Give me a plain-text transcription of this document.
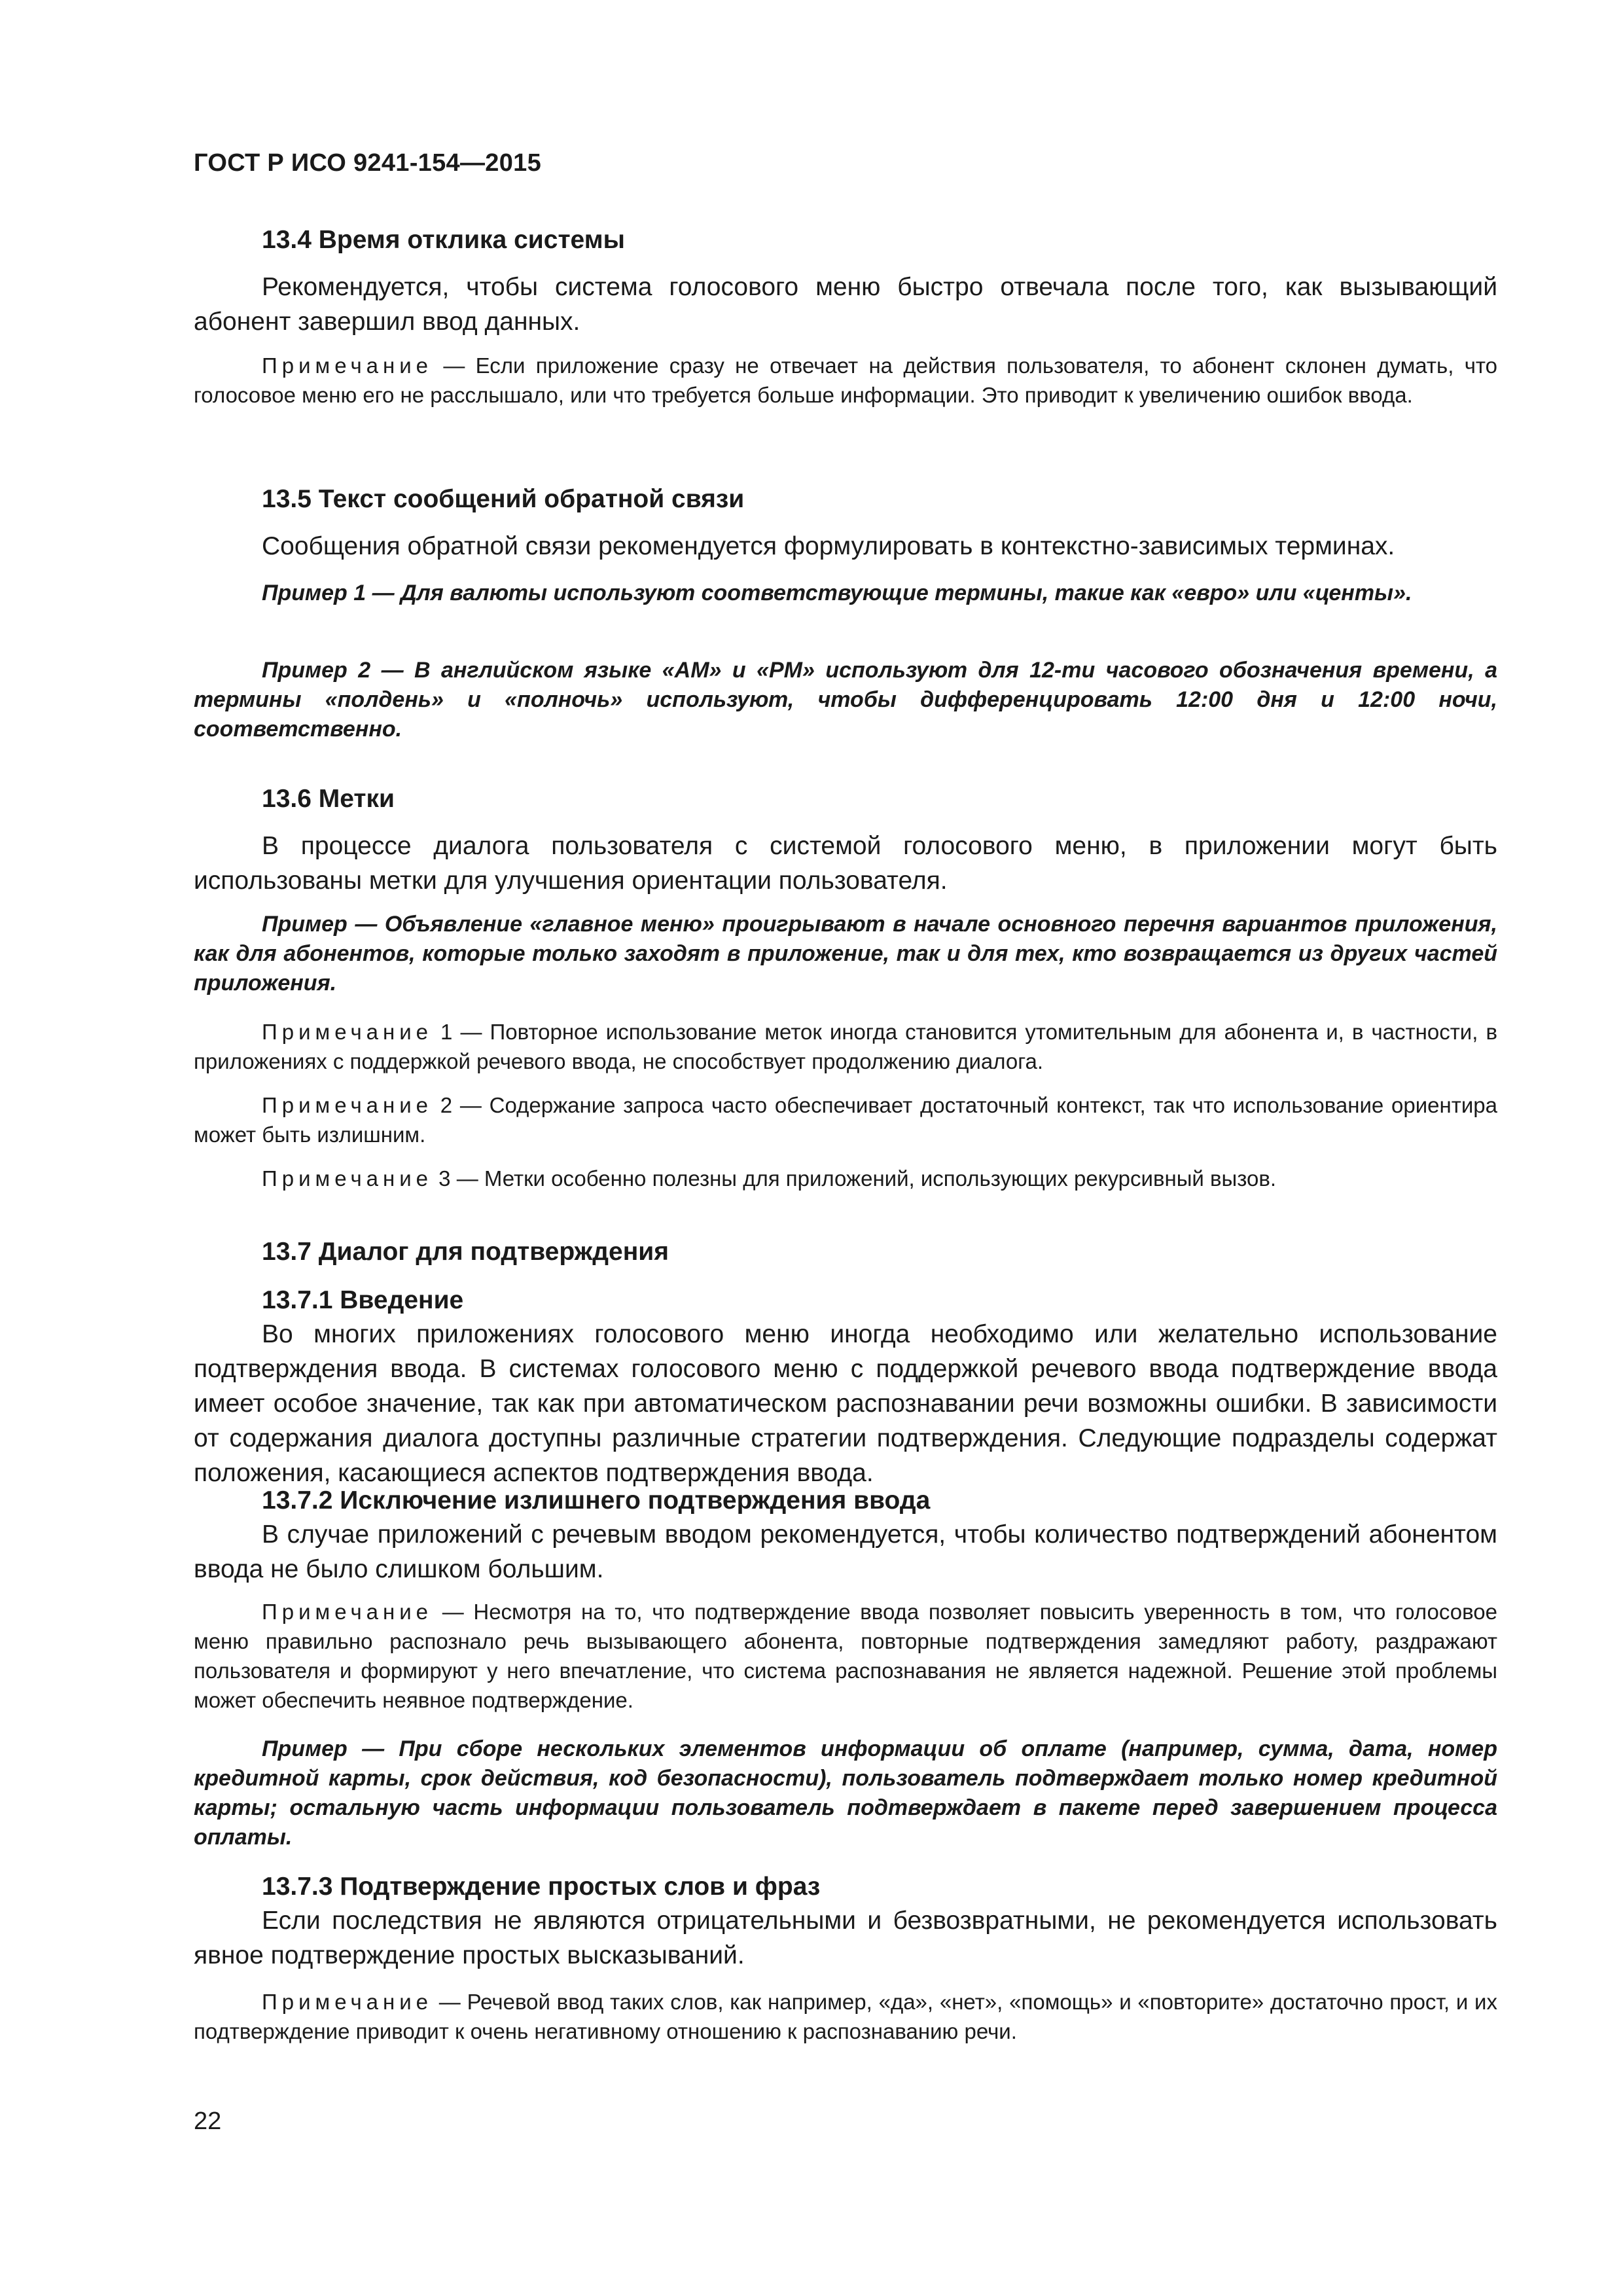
ГОСТ Р ИСО 9241-154—2015

13.4 Время отклика системы

Рекомендуется, чтобы система голосового меню быстро отвечала после того, как вызывающий абонент завершил ввод данных.

Примечание — Если приложение сразу не отвечает на действия пользователя, то абонент склонен думать, что голосовое меню его не расслышало, или что требуется больше информации. Это приводит к увеличению ошибок ввода.

13.5 Текст сообщений обратной связи

Сообщения обратной связи рекомендуется формулировать в контекстно-зависимых терминах.

Пример 1 — Для валюты используют соответствующие термины, такие как «евро» или «центы».

Пример 2 — В английском языке «AM» и «PM» используют для 12-ти часового обозначения времени, а термины «полдень» и «полночь» используют, чтобы дифференцировать 12:00 дня и 12:00 ночи, соответственно.

13.6 Метки

В процессе диалога пользователя с системой голосового меню, в приложении могут быть использованы метки для улучшения ориентации пользователя.

Пример — Объявление «главное меню» проигрывают в начале основного перечня вариантов приложения, как для абонентов, которые только заходят в приложение, так и для тех, кто возвращается из других частей приложения.

Примечание 1 — Повторное использование меток иногда становится утомительным для абонента и, в частности, в приложениях с поддержкой речевого ввода, не способствует продолжению диалога.

Примечание 2 — Содержание запроса часто обеспечивает достаточный контекст, так что использование ориентира может быть излишним.

Примечание 3 — Метки особенно полезны для приложений, использующих рекурсивный вызов.

13.7 Диалог для подтверждения

13.7.1 Введение

Во многих приложениях голосового меню иногда необходимо или желательно использование подтверждения ввода. В системах голосового меню с поддержкой речевого ввода подтверждение ввода имеет особое значение, так как при автоматическом распознавании речи возможны ошибки. В зависимости от содержания диалога доступны различные стратегии подтверждения. Следующие подразделы содержат положения, касающиеся аспектов подтверждения ввода.

13.7.2 Исключение излишнего подтверждения ввода

В случае приложений с речевым вводом рекомендуется, чтобы количество подтверждений абонентом ввода не было слишком большим.

Примечание — Несмотря на то, что подтверждение ввода позволяет повысить уверенность в том, что голосовое меню правильно распознало речь вызывающего абонента, повторные подтверждения замедляют работу, раздражают пользователя и формируют у него впечатление, что система распознавания не является надежной. Решение этой проблемы может обеспечить неявное подтверждение.

Пример — При сборе нескольких элементов информации об оплате (например, сумма, дата, номер кредитной карты, срок действия, код безопасности), пользователь подтверждает только номер кредитной карты; остальную часть информации пользователь подтверждает в пакете перед завершением процесса оплаты.

13.7.3 Подтверждение простых слов и фраз

Если последствия не являются отрицательными и безвозвратными, не рекомендуется использовать явное подтверждение простых высказываний.

Примечание — Речевой ввод таких слов, как например, «да», «нет», «помощь» и «повторите» достаточно прост, и их подтверждение приводит к очень негативному отношению к распознаванию речи.

22
